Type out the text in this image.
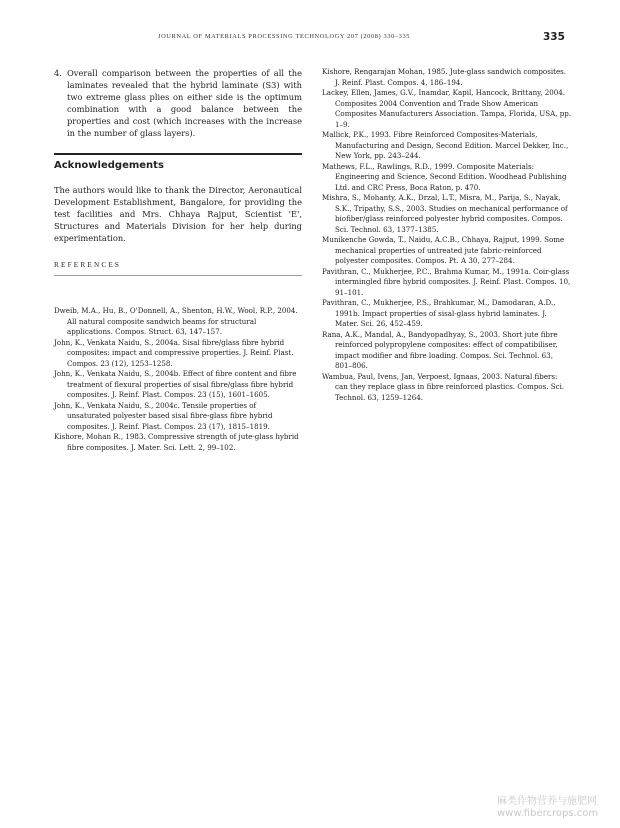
JOURNAL OF MATERIALS PROCESSING TECHNOLOGY 207 (2008) 330–335	335
4. Overall comparison between the properties of all the laminates revealed that the hybrid laminate (S3) with two extreme glass plies on either side is the optimum combination with a good balance between the properties and cost (which increases with the increase in the number of glass layers).
Acknowledgements
The authors would like to thank the Director, Aeronautical Development Establishment, Bangalore, for providing the test facilities and Mrs. Chhaya Rajput, Scientist 'E', Structures and Materials Division for her help during experimentation.
REFERENCES
Dweib, M.A., Hu, B., O'Donnell, A., Shenton, H.W., Wool, R.P., 2004. All natural composite sandwich beams for structural applications. Compos. Struct. 63, 147–157.
John, K., Venkata Naidu, S., 2004a. Sisal fibre/glass fibre hybrid composites: impact and compressive properties. J. Reinf. Plast. Compos. 23 (12), 1253–1258.
John, K., Venkata Naidu, S., 2004b. Effect of fibre content and fibre treatment of flexural properties of sisal fibre/glass fibre hybrid composites. J. Reinf. Plast. Compos. 23 (15), 1601–1605.
John, K., Venkata Naidu, S., 2004c. Tensile properties of unsaturated polyester based sisal fibre-glass fibre hybrid composites. J. Reinf. Plast. Compos. 23 (17), 1815–1819.
Kishore, Mohan R., 1983. Compressive strength of jute-glass hybrid fibre composites. J. Mater. Sci. Lett. 2, 99–102.
Kishore, Rengarajan Mohan, 1985. Jute-glass sandwich composites. J. Reinf. Plast. Compos. 4, 186–194.
Lackey, Ellen, James, G.V., Inamdar, Kapil, Hancock, Brittany, 2004. Composites 2004 Convention and Trade Show American Composites Manufacturers Association. Tampa, Florida, USA, pp. 1–9.
Mallick, P.K., 1993. Fibre Reinforced Composites-Materials, Manufacturing and Design, Second Edition. Marcel Dekker, Inc., New York, pp. 243–244.
Mathews, F.L., Rawlings, R.D., 1999. Composite Materials: Engineering and Science, Second Edition. Woodhead Publishing Ltd. and CRC Press, Boca Raton, p. 470.
Mishra, S., Mohanty, A.K., Drzal, L.T., Misra, M., Parija, S., Nayak, S.K., Tripathy, S.S., 2003. Studies on mechanical performance of biofiber/glass reinforced polyester hybrid composites. Compos. Sci. Technol. 63, 1377–1385.
Munikenche Gowda, T., Naidu, A.C.B., Chhaya, Rajput, 1999. Some mechanical properties of untreated jute fabric-reinforced polyester composites. Compos. Pt. A 30, 277–284.
Pavithran, C., Mukherjee, P.C., Brahma Kumar, M., 1991a. Coir-glass intermingled fibre hybrid composites. J. Reinf. Plast. Compos. 10, 91–101.
Pavithran, C., Mukherjee, P.S., Brahkumar, M., Damodaran, A.D., 1991b. Impact properties of sisal-glass hybrid laminates. J. Mater. Sci. 26, 452–459.
Rana, A.K., Mandal, A., Bandyopadhyay, S., 2003. Short jute fibre reinforced polypropylene composites: effect of compatibiliser, impact modifier and fibre loading. Compos. Sci. Technol. 63, 801–806.
Wambua, Paul, Ivens, Jan, Verpoest, Ignaas, 2003. Natural fibers: can they replace glass in fibre reinforced plastics. Compos. Sci. Technol. 63, 1259–1264.
麻类作物营养与施肥网
www.fibercrops.com
